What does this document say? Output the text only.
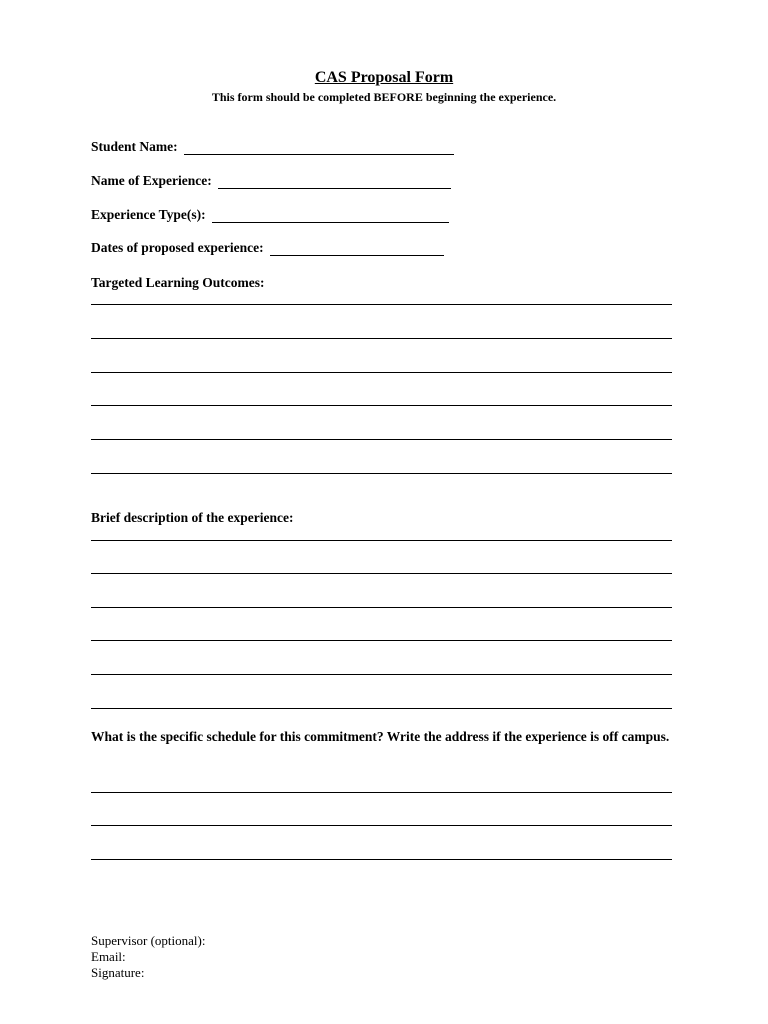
CAS Proposal Form
This form should be completed BEFORE beginning the experience.
Student Name:
Name of Experience:
Experience Type(s):
Dates of proposed experience:
Targeted Learning Outcomes:
Brief description of the experience:
What is the specific schedule for this commitment? Write the address if the experience is off campus.
Supervisor (optional):
Email:
Signature:
